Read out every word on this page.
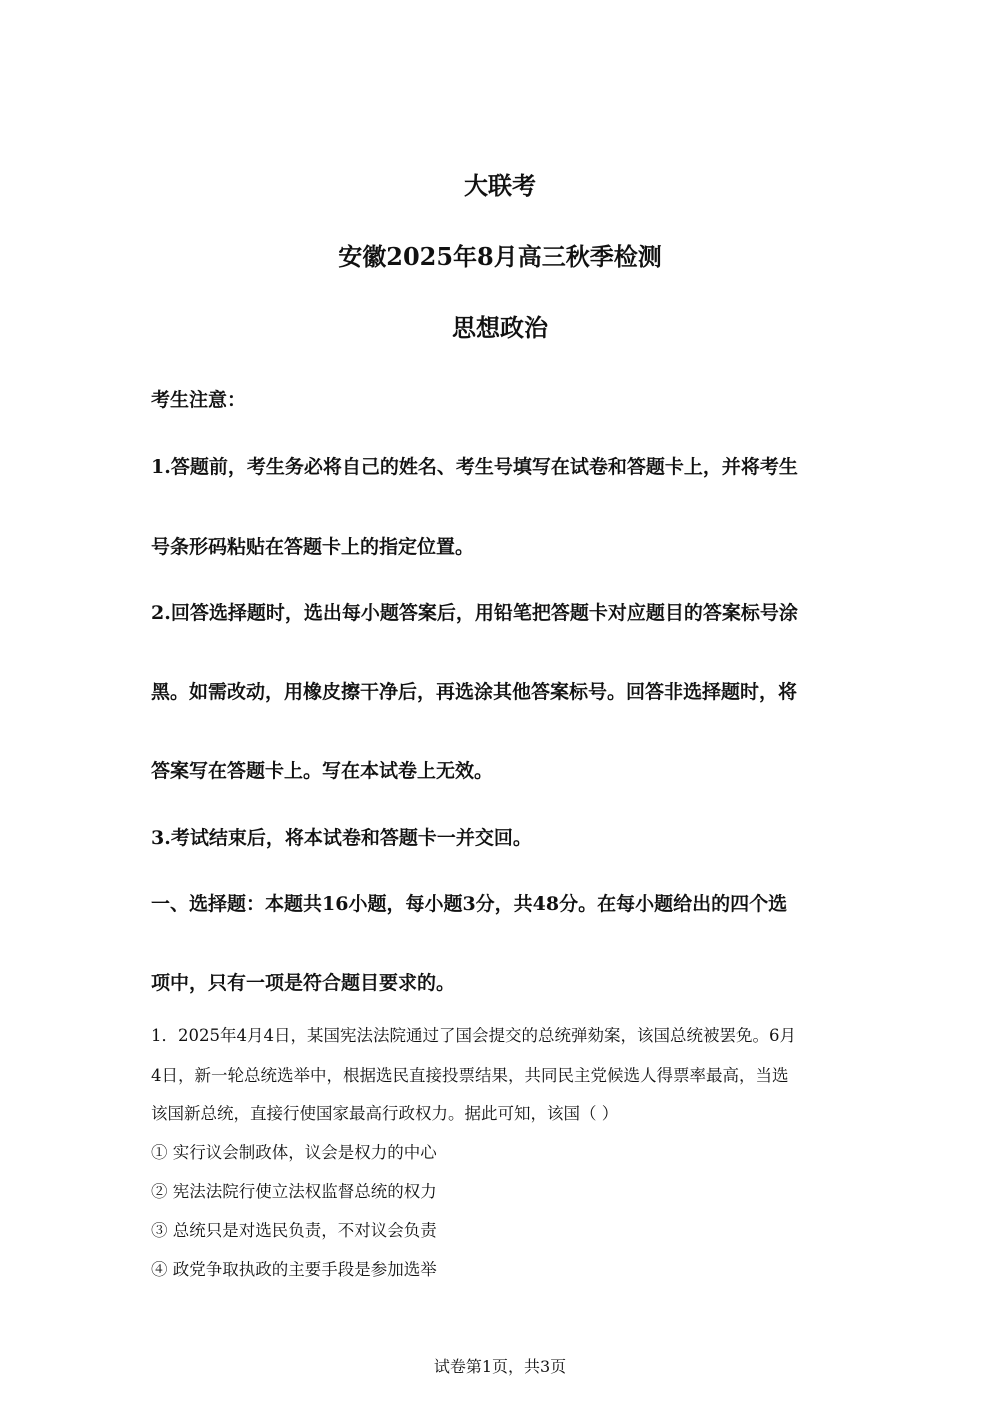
大联考
安徽2025年8月高三秋季检测
思想政治
考生注意：
1.答题前，考生务必将自己的姓名、考生号填写在试卷和答题卡上，并将考生
号条形码粘贴在答题卡上的指定位置。
2.回答选择题时，选出每小题答案后，用铅笔把答题卡对应题目的答案标号涂
黑。如需改动，用橡皮擦干净后，再选涂其他答案标号。回答非选择题时，将
答案写在答题卡上。写在本试卷上无效。
3.考试结束后，将本试卷和答题卡一并交回。
一、选择题：本题共16小题，每小题3分，共48分。在每小题给出的四个选
项中，只有一项是符合题目要求的。
1．2025年4月4日，某国宪法法院通过了国会提交的总统弹劾案，该国总统被罢免。6月
4日，新一轮总统选举中，根据选民直接投票结果，共同民主党候选人得票率最高，当选
该国新总统，直接行使国家最高行政权力。据此可知，该国（ ）
① 实行议会制政体，议会是权力的中心
② 宪法法院行使立法权监督总统的权力
③ 总统只是对选民负责，不对议会负责
④ 政党争取执政的主要手段是参加选举
试卷第1页，共3页
